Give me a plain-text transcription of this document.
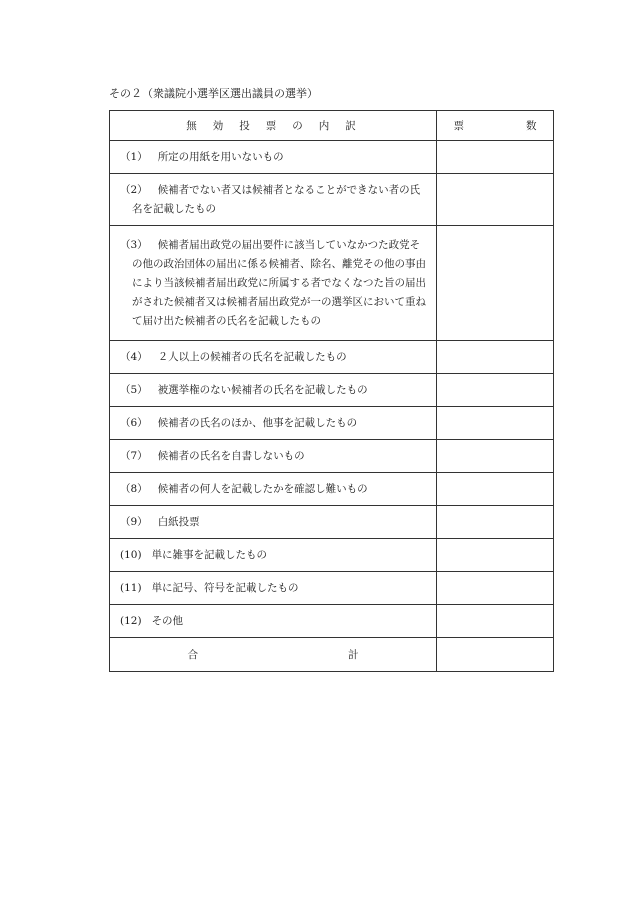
その２（衆議院小選挙区選出議員の選挙）
無効投票の内訳	票 数

（1） 所定の用紙を用いないもの	

（2） 候補者でない者又は候補者となることができない者の氏名を記載したもの	

（3） 候補者届出政党の届出要件に該当していなかつた政党その他の政治団体の届出に係る候補者、除名、離党その他の事由により当該候補者届出政党に所属する者でなくなつた旨の届出がされた候補者又は候補者届出政党が一の選挙区において重ねて届け出た候補者の氏名を記載したもの	

（4） ２人以上の候補者の氏名を記載したもの	

（5） 被選挙権のない候補者の氏名を記載したもの	

（6） 候補者の氏名のほか、他事を記載したもの	

（7） 候補者の氏名を自書しないもの	

（8） 候補者の何人を記載したかを確認し難いもの	

（9） 白紙投票	

(10) 単に雑事を記載したもの	

(11) 単に記号、符号を記載したもの	

(12) その他	

合 計	
